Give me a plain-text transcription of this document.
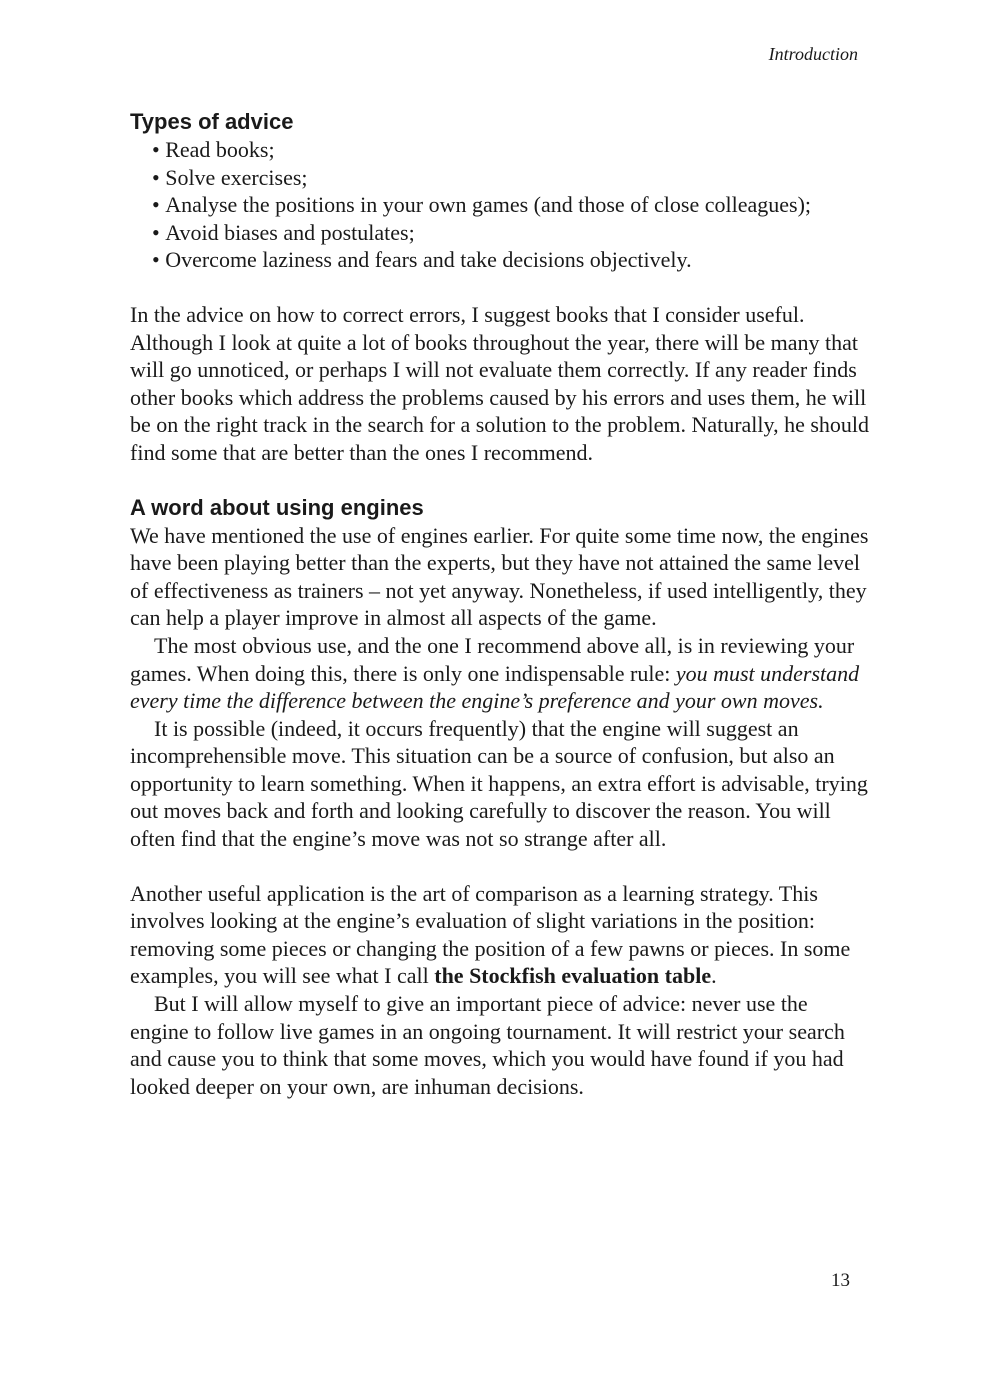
Introduction
Types of advice
• Read books;
• Solve exercises;
• Analyse the positions in your own games (and those of close colleagues);
• Avoid biases and postulates;
• Overcome laziness and fears and take decisions objectively.

In the advice on how to correct errors, I suggest books that I consider useful. Although I look at quite a lot of books throughout the year, there will be many that will go unnoticed, or perhaps I will not evaluate them correctly. If any reader finds other books which address the problems caused by his errors and uses them, he will be on the right track in the search for a solution to the problem. Naturally, he should find some that are better than the ones I recommend.

A word about using engines

We have mentioned the use of engines earlier. For quite some time now, the engines have been playing better than the experts, but they have not attained the same level of effectiveness as trainers – not yet anyway. Nonetheless, if used intelligently, they can help a player improve in almost all aspects of the game.

The most obvious use, and the one I recommend above all, is in reviewing your games. When doing this, there is only one indispensable rule: you must understand every time the difference between the engine’s preference and your own moves.

It is possible (indeed, it occurs frequently) that the engine will suggest an incomprehensible move. This situation can be a source of confusion, but also an opportunity to learn something. When it happens, an extra effort is advisable, trying out moves back and forth and looking carefully to discover the reason. You will often find that the engine’s move was not so strange after all.

Another useful application is the art of comparison as a learning strategy. This involves looking at the engine’s evaluation of slight variations in the position: removing some pieces or changing the position of a few pawns or pieces. In some examples, you will see what I call the Stockfish evaluation table.

But I will allow myself to give an important piece of advice: never use the engine to follow live games in an ongoing tournament. It will restrict your search and cause you to think that some moves, which you would have found if you had looked deeper on your own, are inhuman decisions.

13
